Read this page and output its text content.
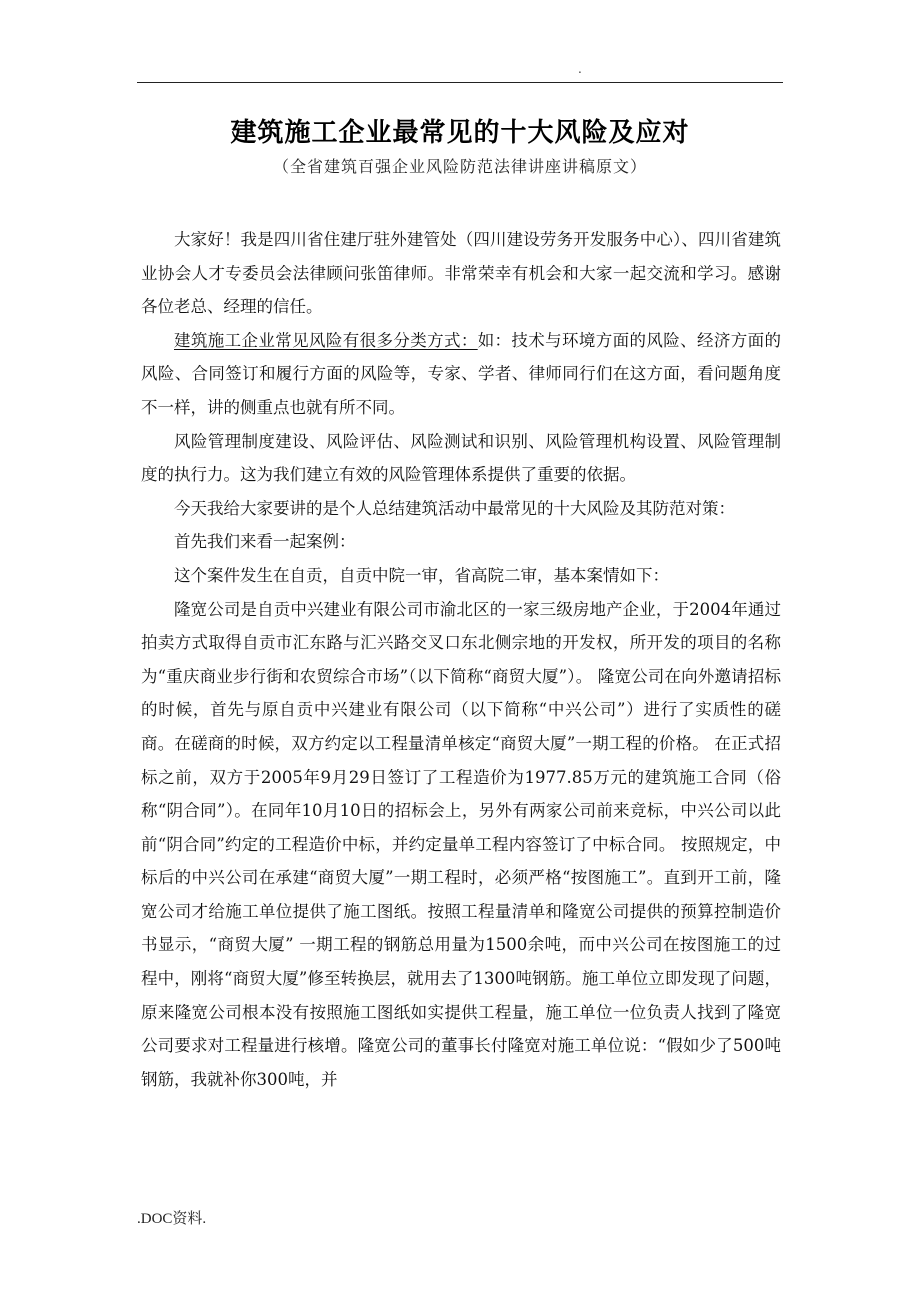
.
建筑施工企业最常见的十大风险及应对
（全省建筑百强企业风险防范法律讲座讲稿原文）

大家好！我是四川省住建厅驻外建管处（四川建设劳务开发服务中心）、四川省建筑业协会人才专委员会法律顾问张笛律师。非常荣幸有机会和大家一起交流和学习。感谢各位老总、经理的信任。

建筑施工企业常见风险有很多分类方式：如：技术与环境方面的风险、经济方面的风险、合同签订和履行方面的风险等，专家、学者、律师同行们在这方面，看问题角度不一样，讲的侧重点也就有所不同。

风险管理制度建设、风险评估、风险测试和识别、风险管理机构设置、风险管理制度的执行力。这为我们建立有效的风险管理体系提供了重要的依据。

今天我给大家要讲的是个人总结建筑活动中最常见的十大风险及其防范对策：

首先我们来看一起案例：

这个案件发生在自贡，自贡中院一审，省高院二审，基本案情如下：

隆宽公司是自贡中兴建业有限公司市渝北区的一家三级房地产企业，于2004年通过拍卖方式取得自贡市汇东路与汇兴路交叉口东北侧宗地的开发权，所开发的项目的名称为“重庆商业步行街和农贸综合市场”（以下简称“商贸大厦”）。 隆宽公司在向外邀请招标的时候，首先与原自贡中兴建业有限公司（以下简称“中兴公司”）进行了实质性的磋商。在磋商的时候，双方约定以工程量清单核定“商贸大厦”一期工程的价格。 在正式招标之前，双方于2005年9月29日签订了工程造价为1977.85万元的建筑施工合同（俗称“阴合同”）。在同年10月10日的招标会上，另外有两家公司前来竞标，中兴公司以此前“阴合同”约定的工程造价中标，并约定量单工程内容签订了中标合同。 按照规定，中标后的中兴公司在承建“商贸大厦”一期工程时，必须严格“按图施工”。直到开工前，隆宽公司才给施工单位提供了施工图纸。按照工程量清单和隆宽公司提供的预算控制造价书显示，“商贸大厦” 一期工程的钢筋总用量为1500余吨，而中兴公司在按图施工的过程中，刚将“商贸大厦”修至转换层，就用去了1300吨钢筋。施工单位立即发现了问题，原来隆宽公司根本没有按照施工图纸如实提供工程量，施工单位一位负责人找到了隆宽公司要求对工程量进行核增。隆宽公司的董事长付隆宽对施工单位说：“假如少了500吨钢筋，我就补你300吨，并

.DOC资料.
